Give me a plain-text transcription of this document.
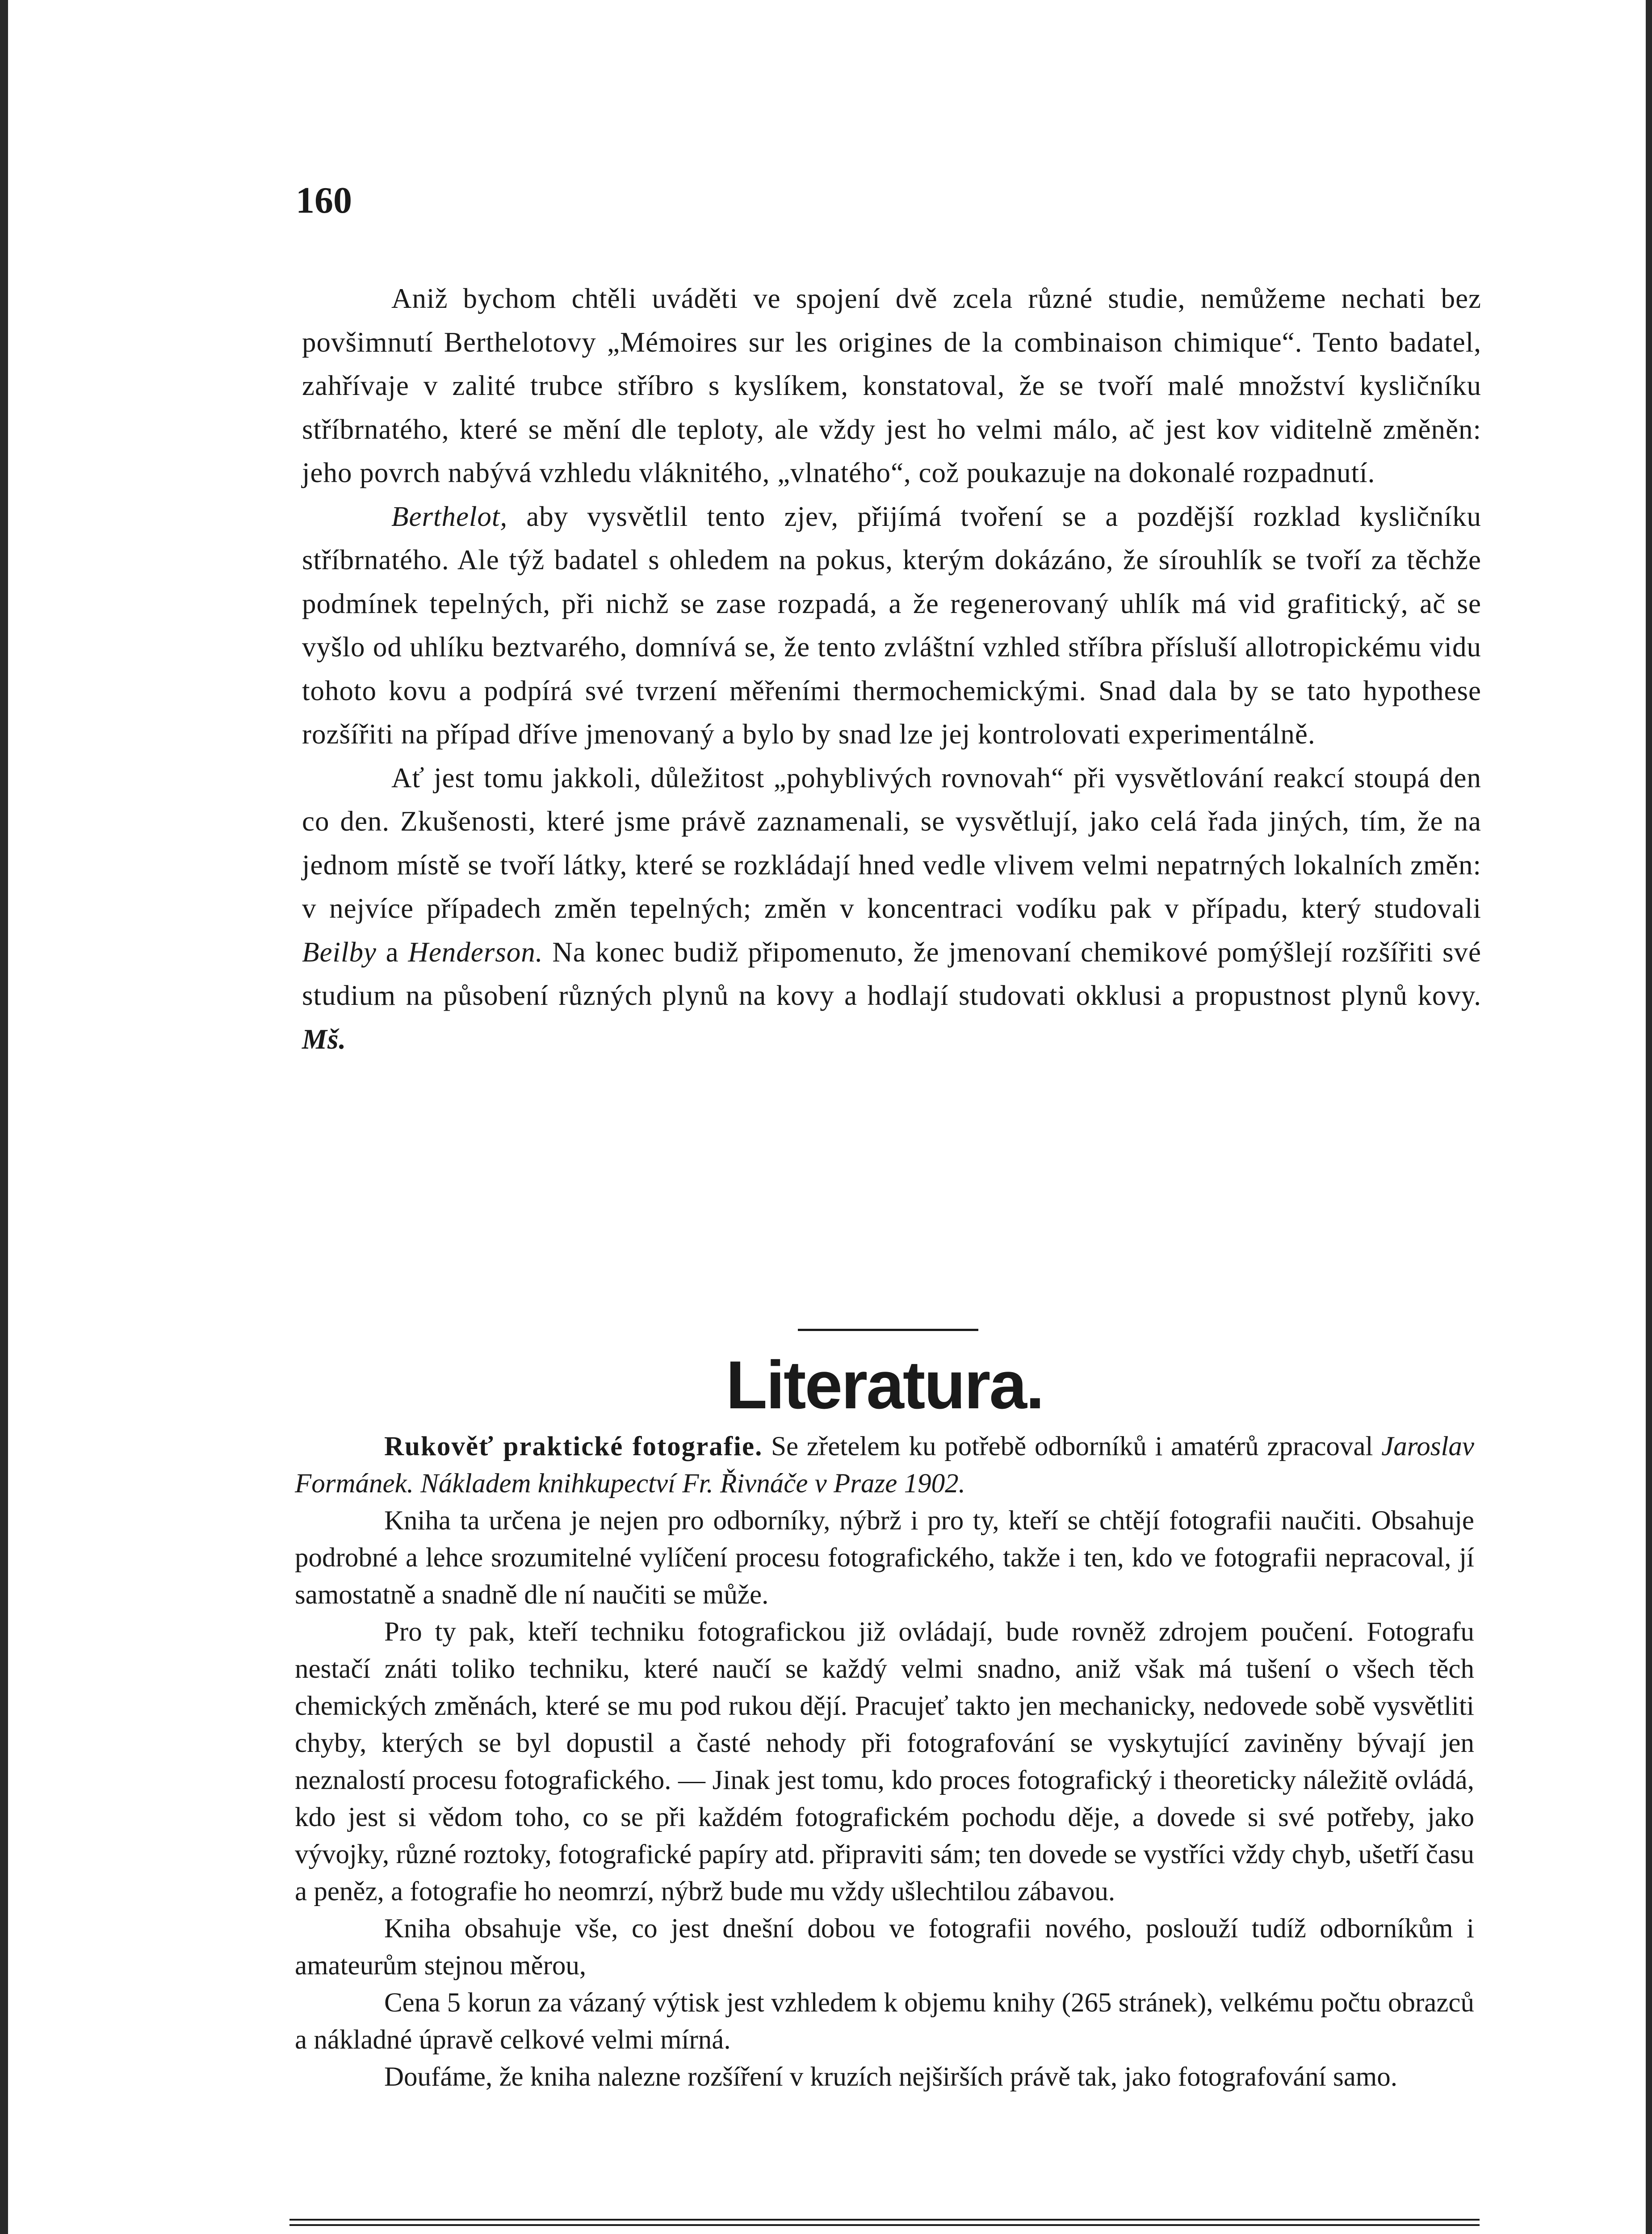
160

Aniž bychom chtěli uváděti ve spojení dvě zcela různé studie, nemůžeme nechati bez povšimnutí Berthelotovy „Mémoires sur les origines de la combinaison chimique“. Tento badatel, zahřívaje v zalité trubce stříbro s kyslíkem, konstatoval, že se tvoří malé množství kysličníku stříbrnatého, které se mění dle teploty, ale vždy jest ho velmi málo, ač jest kov viditelně změněn: jeho povrch nabývá vzhledu vláknitého, „vlnatého“, což poukazuje na dokonalé rozpadnutí.

Berthelot, aby vysvětlil tento zjev, přijímá tvoření se a pozdější rozklad kysličníku stříbrnatého. Ale týž badatel s ohledem na pokus, kterým dokázáno, že sírouhlík se tvoří za těchže podmínek tepelných, při nichž se zase rozpadá, a že regenerovaný uhlík má vid grafitický, ač se vyšlo od uhlíku beztvarého, domnívá se, že tento zvláštní vzhled stříbra přísluší allotropickému vidu tohoto kovu a podpírá své tvrzení měřeními thermochemickými. Snad dala by se tato hypothese rozšířiti na případ dříve jmenovaný a bylo by snad lze jej kontrolovati experimentálně.

Ať jest tomu jakkoli, důležitost „pohyblivých rovnovah“ při vysvětlování reakcí stoupá den co den. Zkušenosti, které jsme právě zaznamenali, se vysvětlují, jako celá řada jiných, tím, že na jednom místě se tvoří látky, které se rozkládají hned vedle vlivem velmi nepatrných lokalních změn: v nejvíce případech změn tepelných; změn v koncentraci vodíku pak v případu, který studovali Beilby a Henderson. Na konec budiž připomenuto, že jmenovaní chemikové pomýšlejí rozšířiti své studium na působení různých plynů na kovy a hodlají studovati okklusi a propustnost plynů kovy. Mš.

Literatura.

Rukověť praktické fotografie. Se zřetelem ku potřebě odborníků i amatérů zpracoval Jaroslav Formánek. Nákladem knihkupectví Fr. Řivnáče v Praze 1902.

Kniha ta určena je nejen pro odborníky, nýbrž i pro ty, kteří se chtějí fotografii naučiti. Obsahuje podrobné a lehce srozumitelné vylíčení procesu fotografického, takže i ten, kdo ve fotografii nepracoval, jí samostatně a snadně dle ní naučiti se může.

Pro ty pak, kteří techniku fotografickou již ovládají, bude rovněž zdrojem poučení. Fotografu nestačí znáti toliko techniku, které naučí se každý velmi snadno, aniž však má tušení o všech těch chemických změnách, které se mu pod rukou dějí. Pracujeť takto jen mechanicky, nedovede sobě vysvětliti chyby, kterých se byl dopustil a časté nehody při fotografování se vyskytující zaviněny bývají jen neznalostí procesu fotografického. — Jinak jest tomu, kdo proces fotografický i theoreticky náležitě ovládá, kdo jest si vědom toho, co se při každém fotografickém pochodu děje, a dovede si své potřeby, jako vývojky, různé roztoky, fotografické papíry atd. připraviti sám; ten dovede se vystříci vždy chyb, ušetří času a peněz, a fotografie ho neomrzí, nýbrž bude mu vždy ušlechtilou zábavou.

Kniha obsahuje vše, co jest dnešní dobou ve fotografii nového, poslouží tudíž odborníkům i amateurům stejnou měrou,

Cena 5 korun za vázaný výtisk jest vzhledem k objemu knihy (265 stránek), velkému počtu obrazců a nákladné úpravě celkové velmi mírná.

Doufáme, že kniha nalezne rozšíření v kruzích nejširších právě tak, jako fotografování samo.
